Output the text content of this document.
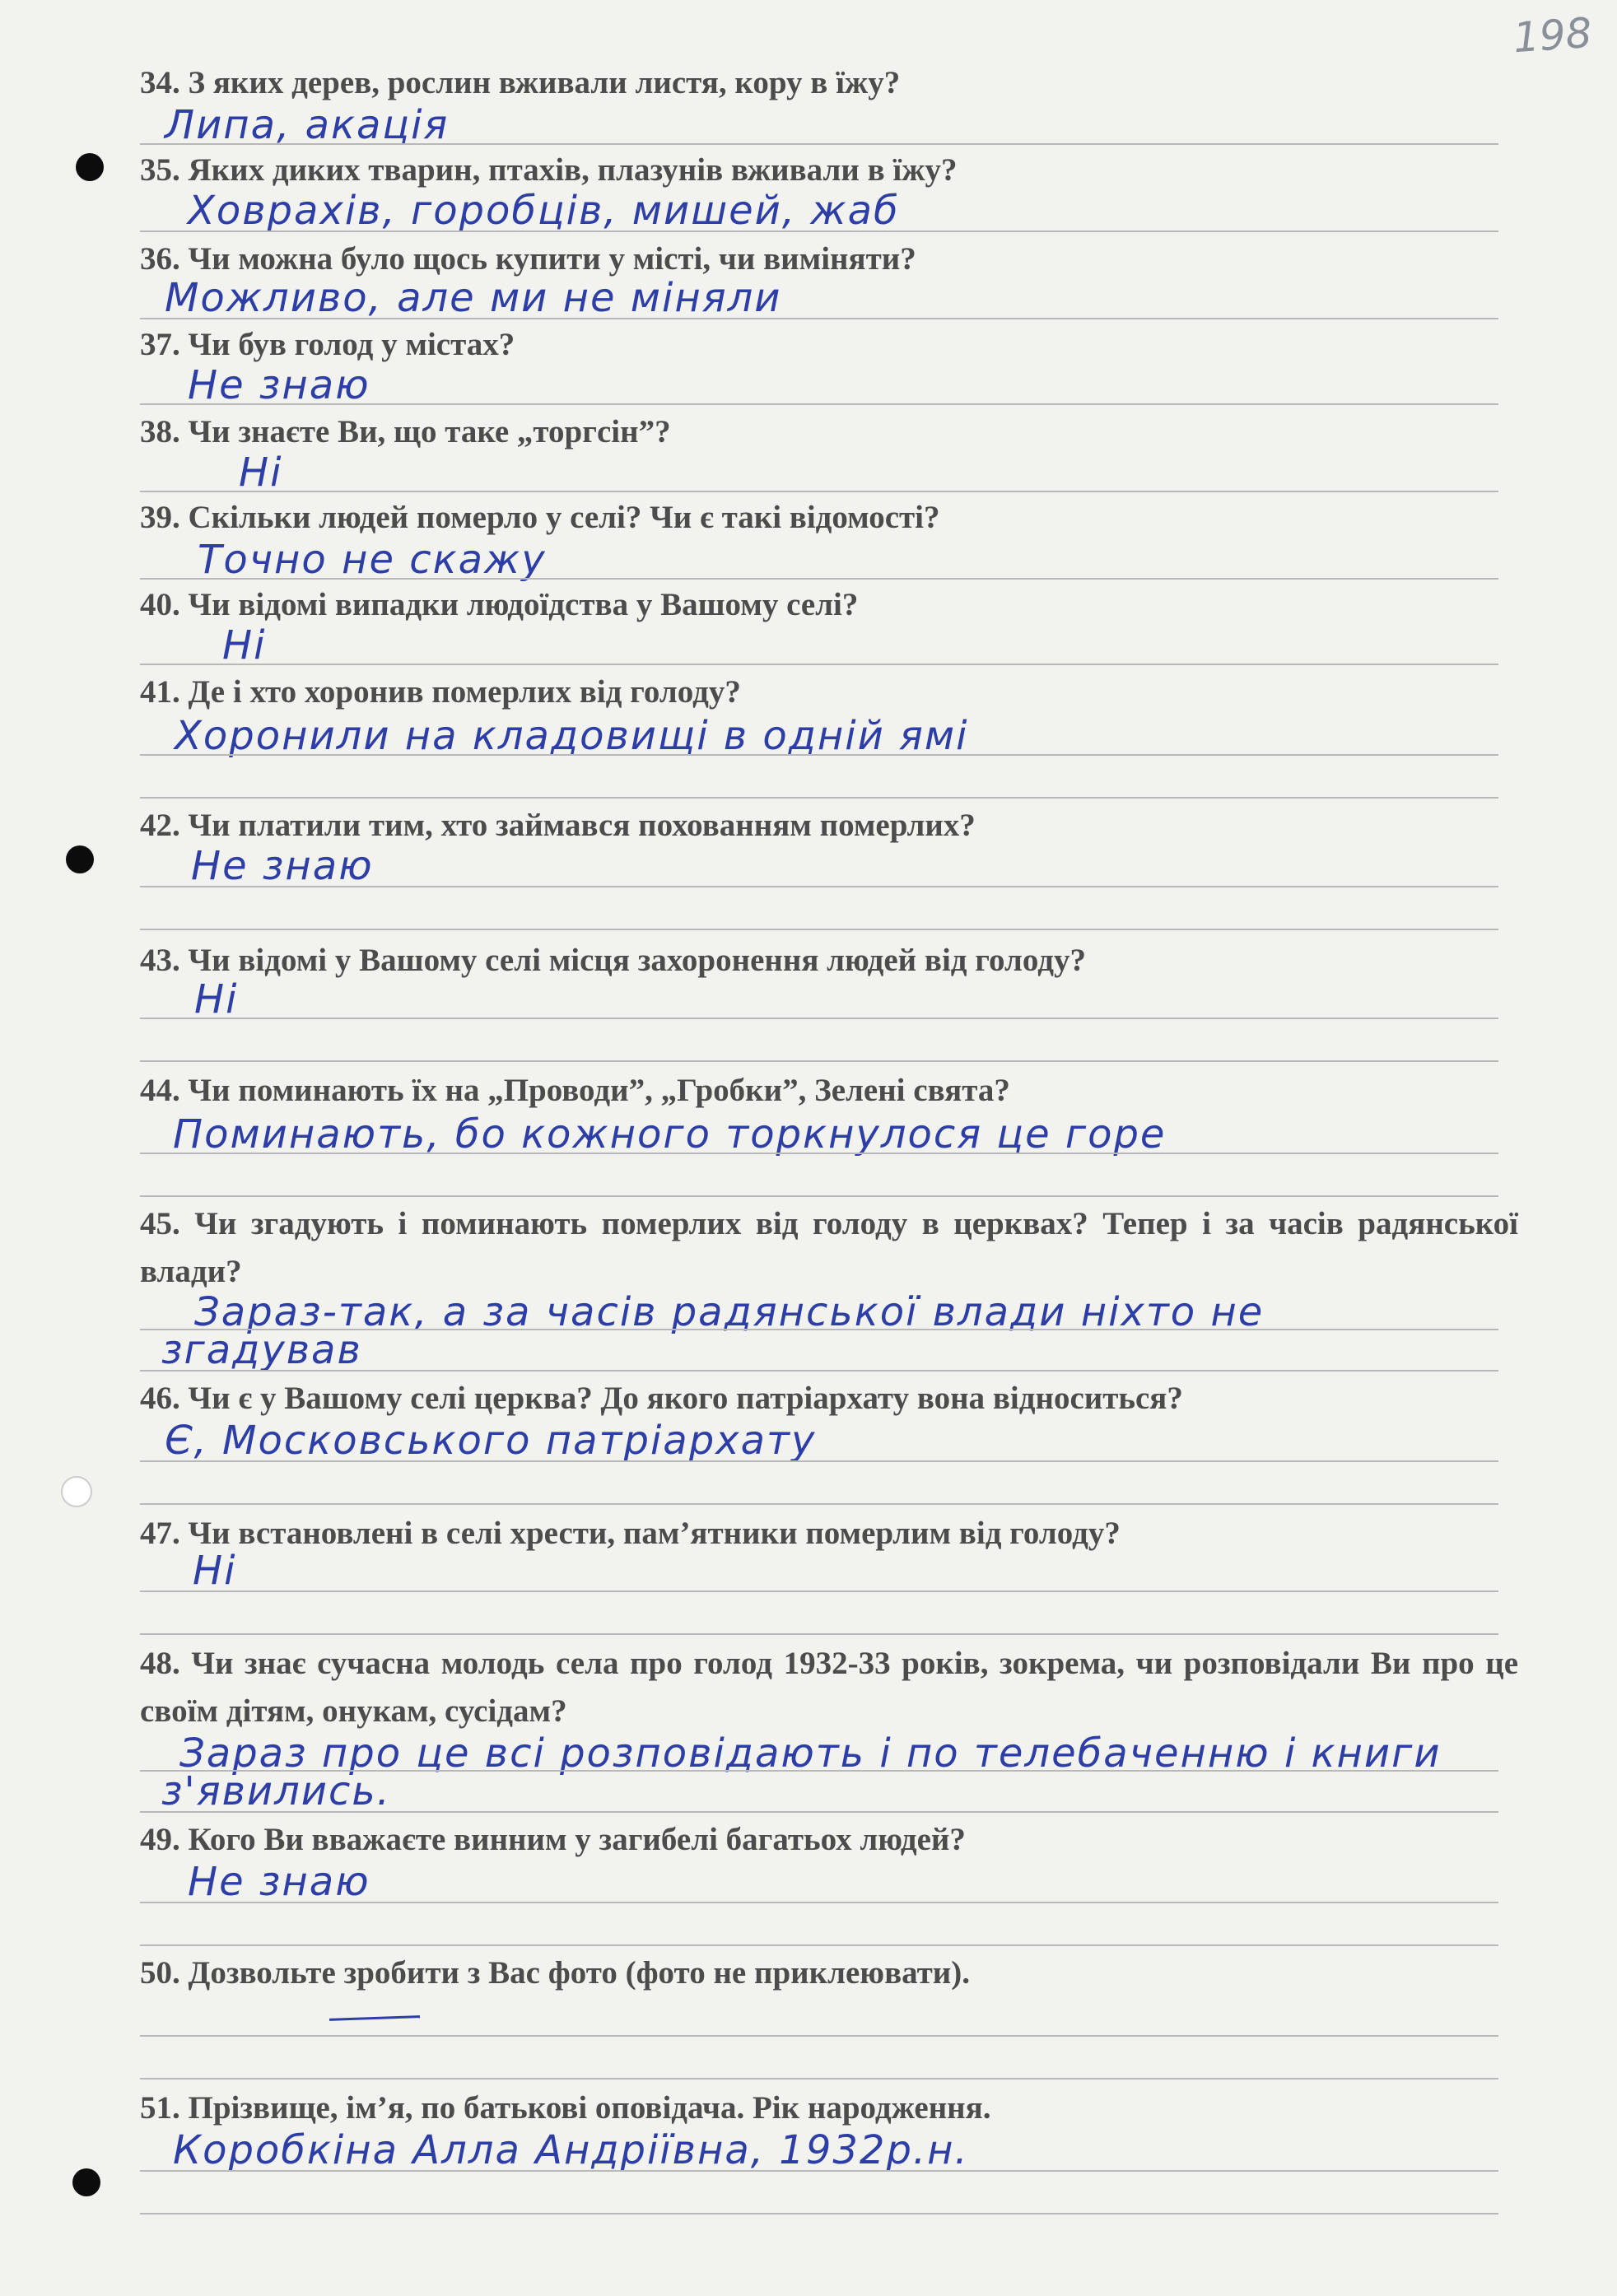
198
34. З яких дерев, рослин вживали листя, кору в їжу?
Липа, акація
35. Яких диких тварин, птахів, плазунів вживали в їжу?
Ховрахів, горобців, мишей, жаб
36. Чи можна було щось купити у місті, чи виміняти?
Можливо, але ми не міняли
37. Чи був голод у містах?
Не знаю
38. Чи знаєте Ви, що таке „торгсін”?
Ні
39. Скільки людей померло у селі? Чи є такі відомості?
Точно не скажу
40. Чи відомі випадки людоїдства у Вашому селі?
Ні
41. Де і хто хоронив померлих від голоду?
Хоронили на кладовищі в одній ямі
42. Чи платили тим, хто займався похованням померлих?
Не знаю
43. Чи відомі у Вашому селі місця захоронення людей від голоду?
Ні
44. Чи поминають їх на „Проводи”, „Гробки”, Зелені свята?
Поминають, бо кожного торкнулося це горе
45. Чи згадують і поминають померлих від голоду в церквах? Тепер і за часів радянської влади?
Зараз-так, а за часів радянської влади ніхто не
згадував
46. Чи є у Вашому селі церква? До якого патріархату вона відноситься?
Є, Московського патріархату
47. Чи встановлені в селі хрести, пам’ятники померлим від голоду?
Ні
48. Чи знає сучасна молодь села про голод 1932-33 років, зокрема, чи розповідали Ви про це своїм дітям, онукам, сусідам?
Зараз про це всі розповідають і по телебаченню і книги
з'явились.
49. Кого Ви вважаєте винним у загибелі багатьох людей?
Не знаю
50. Дозвольте зробити з Вас фото (фото не приклеювати).
51. Прізвище, ім’я, по батькові оповідача. Рік народження.
Коробкіна Алла Андріївна, 1932р.н.
